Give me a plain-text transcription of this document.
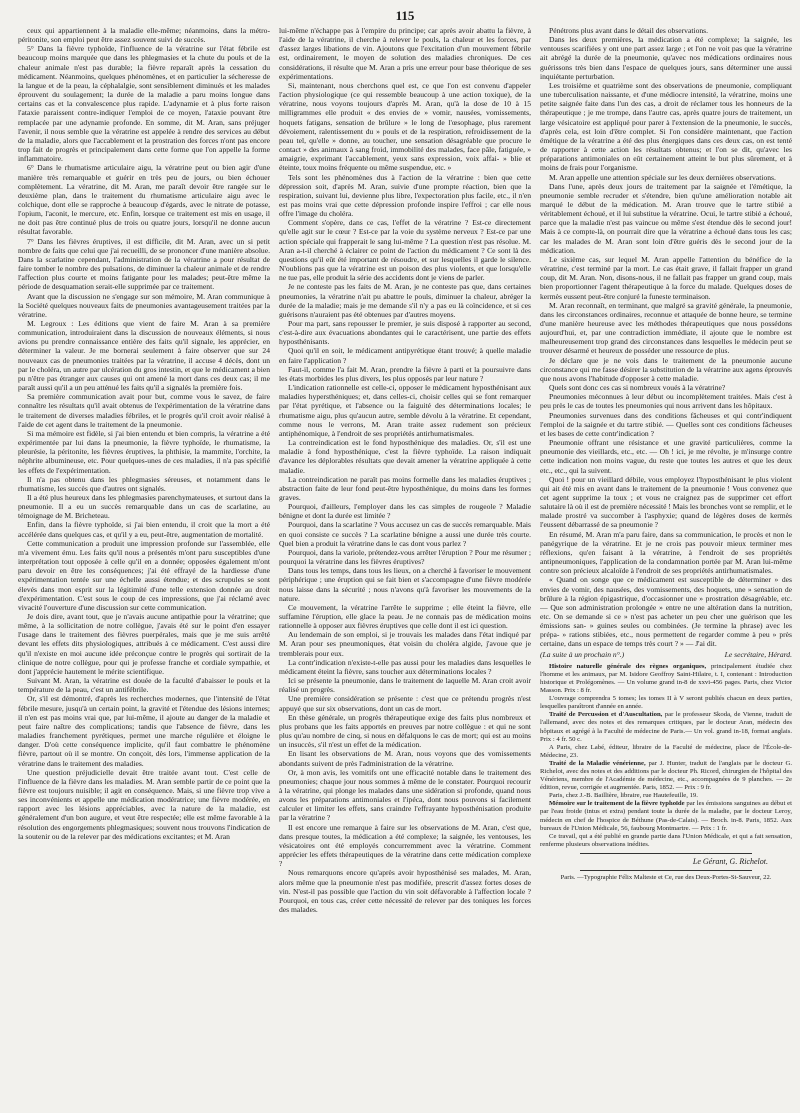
115

ceux qui appartiennent à la maladie elle-même; néanmoins, dans la métro-péritonite, son emploi peut être assez souvent suivi de succès.

5° Dans la fièvre typhoïde, l'influence de la vératrine sur l'état fébrile est beaucoup moins marquée que dans les phlegmasies et la chute du pouls et de la chaleur animale n'est pas durable; la fièvre reparaît après la cessation du médicament. Néanmoins, quelques phénomènes, et en particulier la sécheresse de la langue et de la peau, la céphalalgie, sont sensiblement diminués et les malades éprouvent du soulagement; la durée de la maladie a paru moins longue dans certains cas et la convalescence plus rapide. L'adynamie et à plus forte raison l'ataxie paraissent contre-indiquer l'emploi de ce moyen, l'ataxie pouvant être remplacée par une adynamie profonde. En somme, dit M. Aran, sans préjuger l'avenir, il nous semble que la vératrine est appelée à rendre des services au début de la maladie, alors que l'accablement et la prostration des forces n'ont pas encore trop fait de progrès et principalement dans cette forme que l'on appelle la forme inflammatoire.

6° Dans le rhumatisme articulaire aigu, la vératrine peut ou bien agir d'une manière très remarquable et guérir en très peu de jours, ou bien échouer complètement. La vératrine, dit M. Aran, me paraît devoir être rangée sur le deuxième plan, dans le traitement du rhumatisme articulaire aigu avec le colchique, dont elle se rapproche à beaucoup d'égards, avec le nitrate de potasse, l'opium, l'aconit, le mercure, etc. Enfin, lorsque ce traitement est mis en usage, il ne doit pas être continué plus de trois ou quatre jours, lorsqu'il ne donne aucun résultat favorable.

7° Dans les fièvres éruptives, il est difficile, dit M. Aran, avec un si petit nombre de faits que celui que j'ai recueilli, de se prononcer d'une manière absolue. Dans la scarlatine cependant, l'administration de la vératrine a pour résultat de faire tomber le nombre des pulsations, de diminuer la chaleur animale et de rendre l'affection plus courte et moins fatigante pour les malades; peut-être même la période de desquamation serait-elle supprimée par ce traitement.

Avant que la discussion ne s'engage sur son mémoire, M. Aran communique à la Société quelques nouveaux faits de pneumonies avantageusement traitées par la vératrine.

M. Legroux : Les éditions que vient de faire M. Aran à sa première communication, introduiraient dans la discussion de nouveaux éléments, si nous avions pu prendre connaissance entière des faits qu'il signale, les apprécier, en déterminer la valeur. Je me bornerai seulement à faire observer que sur 24 nouveaux cas de pneumonies traitées par la vératrine, il accuse 4 décès, dont un par le choléra, un autre par ulcération du gros intestin, et que le médicament a bien pu n'être pas étranger aux causes qui ont amené la mort dans ces deux cas; il me paraît aussi qu'il a un peu atténué les faits qu'il a signalés la première fois.

Sa première communication avait pour but, comme vous le savez, de faire connaître les résultats qu'il avait obtenus de l'expérimentation de la vératrine dans le traitement de diverses maladies fébriles, et le progrès qu'il croit avoir réalisé à l'aide de cet agent dans le traitement de la pneumonie.

Si ma mémoire est fidèle, si j'ai bien entendu et bien compris, la vératrine a été expérimentée par lui dans la pneumonie, la fièvre typhoïde, le rhumatisme, la pleurésie, la péritonite, les fièvres éruptives, la phthisie, la mammite, l'orchite, la néphrite albumineuse, etc. Pour quelques-unes de ces maladies, il n'a pas spécifié les effets de l'expérimentation.

Il n'a pas obtenu dans les phlegmasies séreuses, et notamment dans le rhumatisme, les succès que d'autres ont signalés.

Il a été plus heureux dans les phlegmasies parenchymateuses, et surtout dans la pneumonie. Il a eu un succès remarquable dans un cas de scarlatine, au témoignage de M. Bricheteau.

Enfin, dans la fièvre typhoïde, si j'ai bien entendu, il croit que la mort a été accélérée dans quelques cas, et qu'il y a eu, peut-être, augmentation de mortalité.

Cette communication a produit une impression profonde sur l'assemblée, elle m'a vivement ému. Les faits qu'il nous a présentés m'ont paru susceptibles d'une interprétation tout opposée à celle qu'il en a donnée; opposées également m'ont paru devoir en être les conséquences; j'ai été effrayé de la hardiesse d'une expérimentation tentée sur une échelle aussi étendue; et des scrupules se sont élevés dans mon esprit sur la légitimité d'une telle extension donnée au droit d'expérimentation. C'est sous le coup de ces impressions, que j'ai réclamé avec vivacité l'ouverture d'une discussion sur cette communication.

Je dois dire, avant tout, que je n'avais aucune antipathie pour la vératrine; que même, à la sollicitation de notre collègue, j'avais été sur le point d'en essayer l'usage dans le traitement des fièvres puerpérales, mais que je me suis arrêté devant les effets dits physiologiques, attribués à ce médicament. C'est aussi dire qu'il n'existe en moi aucune idée préconçue contre le progrès qui sortirait de la clinique de notre collègue, pour qui je professe franche et cordiale sympathie, et dont j'apprécie hautement le mérite scientifique.

Suivant M. Aran, la vératrine est douée de la faculté d'abaisser le pouls et la température de la peau, c'est un antifébrile.

Or, s'il est démontré, d'après les recherches modernes, que l'intensité de l'état fébrile mesure, jusqu'à un certain point, la gravité et l'étendue des lésions internes; il n'en est pas moins vrai que, par lui-même, il ajoute au danger de la maladie et peut faire naître des complications; tandis que l'absence de fièvre, dans les maladies franchement pyrétiques, permet une marche régulière et éloigne le danger. D'où cette conséquence implicite, qu'il faut combattre le phénomène fièvre, partout où il se montre. On conçoit, dès lors, l'immense application de la vératrine dans le traitement des maladies.

Une question préjudicielle devait être traitée avant tout. C'est celle de l'influence de la fièvre dans les maladies. M. Aran semble partir de ce point que la fièvre est toujours nuisible; il agit en conséquence. Mais, si une fièvre trop vive a ses inconvénients et appelle une médication modératrice; une fièvre modérée, en rapport avec les lésions appréciables, avec la nature de la maladie, est généralement d'un bon augure, et veut être respectée; elle est même favorable à la résolution des engorgements phlegmasiques; souvent nous trouvons l'indication de la soutenir ou de la relever par des médications excitantes; et M. Aran

lui-même n'échappe pas à l'empire du principe; car après avoir abattu la fièvre, à l'aide de la vératrine, il cherche à relever le pouls, la chaleur et les forces, par d'assez larges libations de vin. Ajoutons que l'excitation d'un mouvement fébrile est, ordinairement, le moyen de solution des maladies chroniques. De ces considérations, il résulte que M. Aran a pris une erreur pour base théorique de ses expérimentations.

Si, maintenant, nous cherchons quel est, ce que l'on est convenu d'appeler l'action physiologique (ce qui ressemble beaucoup à une action toxique), de la vératrine, nous voyons toujours d'après M. Aran, qu'à la dose de 10 à 15 milligrammes elle produit « des envies de » vomir, nausées, vomissements, hoquets fatigans, sensation de brûlure » le long de l'œsophage, plus rarement dévoiement, ralentissement du » pouls et de la respiration, refroidissement de la peau tel, qu'elle » donne, au toucher, une sensation désagréable que procure le contact » des animaux à sang froid, immobilité des malades, face pâle, fatiguée, » amaigrie, exprimant l'accablement, yeux sans expression, voix affai- » blie et éteinte, toux moins fréquente ou même suspendue, etc. »

Tels sont les phénomènes dus à l'action de la vératrine : bien que cette dépression soit, d'après M. Aran, suivie d'une prompte réaction, bien que la respiration, suivant lui, devienne plus libre, l'expectoration plus facile, etc., il n'en est pas moins vrai que cette dépression profonde inspire l'effroi ; car elle nous offre l'image du choléra.

Comment s'opère, dans ce cas, l'effet de la vératrine ? Est-ce directement qu'elle agit sur le cœur ? Est-ce par la voie du système nerveux ? Est-ce par une action spéciale qui frapperait le sang lui-même ? La question n'est pas résolue. M. Aran a-t-il cherché à éclairer ce point de l'action du médicament ? Ce sont là des questions qu'il eût été important de résoudre, et sur lesquelles il garde le silence. N'oublions pas que la vératrine est un poison des plus violents, et que lorsqu'elle ne tue pas, elle produit la série des accidents dont je viens de parler.

Je ne conteste pas les faits de M. Aran, je ne conteste pas que, dans certaines pneumonies, la vératrine n'ait pu abattre le pouls, diminuer la chaleur, abréger la durée de la maladie; mais je me demande s'il n'y a pas eu là coïncidence, et si ces guérisons n'auraient pas été obtenues par d'autres moyens.

Pour ma part, sans repousser le premier, je suis disposé à rapporter au second, c'est-à-dire aux évacuations abondantes qui le caractérisent, une partie des effets hyposthénisants.

Quoi qu'il en soit, le médicament antipyrétique étant trouvé; à quelle maladie en faire l'application ?

Faut-il, comme l'a fait M. Aran, prendre la fièvre à parti et la poursuivre dans les états morbides les plus divers, les plus opposés par leur nature ?

L'indication rationnelle est celle-ci, opposer le médicament hyposthénisant aux maladies hypersthéniques; et, dans celles-ci, choisir celles qui se font remarquer par l'état pyrétique, et l'absence ou la faiguité des déterminations locales; le rhumatisme aigu, plus qu'aucun autre, semble dévolu à la vératrine. Et cependant, comme nous le verrons, M. Aran traite assez rudement son précieux antiphénomique, à l'endroit de ses propriétés antirhumatismales.

La contreindication est le fond hyposthénique des maladies. Or, s'il est une maladie à fond hyposthénique, c'est la fièvre typhoïde. La raison indiquait d'avance les déplorables résultats que devait amener la vératrine appliquée à cette maladie.

La contreindication ne paraît pas moins formelle dans les maladies éruptives ; abstraction faite de leur fond peut-être hyposthénique, du moins dans les formes graves.

Pourquoi, d'ailleurs, l'employer dans les cas simples de rougeole ? Maladie bénigne et dont la durée est limitée ?

Pourquoi, dans la scarlatine ? Vous accusez un cas de succès remarquable. Mais en quoi consiste ce succès ? La scarlatine bénigne a aussi une durée très courte. Quel bien a produit la vératrine dans le cas dont vous parlez ?

Pourquoi, dans la variole, prétendez-vous arrêter l'éruption ? Pour me résumer ; pourquoi la vératrine dans les fièvres éruptives?

Dans tous les temps, dans tous les lieux, on a cherché à favoriser le mouvement périphérique ; une éruption qui se fait bien et s'accompagne d'une fièvre modérée nous laisse dans la sécurité ; nous n'avons qu'à favoriser les mouvements de la nature.

Ce mouvement, la vératrine l'arrête le supprime ; elle éteint la fièvre, elle suffamine l'éruption, elle glace la peau. Je ne connais pas de médication moins rationnelle à opposer aux fièvres éruptives que celle dont il est ici question.

Au lendemain de son emploi, si je trouvais les malades dans l'état indiqué par M. Aran pour ses pneumoniques, état voisin du choléra algide, j'avoue que je tremblerais pour eux.

La contr'indication n'existe-t-elle pas aussi pour les maladies dans lesquelles le médicament éteint la fièvre, sans toucher aux déterminations locales ?

Ici se présente la pneumonie, dans le traitement de laquelle M. Aran croit avoir réalisé un progrès.

Une première considération se présente : c'est que ce prétendu progrès n'est appuyé que sur six observations, dont un cas de mort.

En thèse générale, un progrès thérapeutique exige des faits plus nombreux et plus probans que les faits apportés en preuves par notre collègue : et qui ne sont plus qu'au nombre de cinq, si nous en défalquons le cas de mort; qui est au moins un insuccès, s'il n'est un effet de la médication.

En lisant les observations de M. Aran, nous voyons que des vomissements abondants suivent de près l'administration de la vératrine.

Or, à mon avis, les vomitifs ont une efficacité notable dans le traitement des pneumonies; chaque jour nous sommes à même de le constater. Pourquoi recourir à la vératrine, qui plonge les malades dans une sidération si profonde, quand nous avons les préparations antimoniales et l'ipéca, dont nous pouvons si facilement calculer et limiter les effets, sans craindre l'effrayante hyposthénisation produite par la vératrine ?

Il est encore une remarque à faire sur les observations de M. Aran, c'est que, dans presque toutes, la médication a été complexe; la saignée, les ventouses, les vésicatoires ont été employés concurremment avec la vératrine. Comment apprécier les effets thérapeutiques de la vératrine dans cette médication complexe ?

Nous remarquons encore qu'après avoir hyposthénisé ses malades, M. Aran, alors même que la pneumonie n'est pas modifiée, prescrit d'assez fortes doses de vin. N'est-il pas possible que l'action du vin soit défavorable à l'affection locale ? Pourquoi, en tous cas, créer cette nécessité de relever par des toniques les forces des malades.

Pénétrons plus avant dans le détail des observations.

Dans les deux premières, la médication a été complexe; la saignée, les ventouses scarifiées y ont une part assez large ; et l'on ne voit pas que la vératrine ait abrégé la durée de la pneumonie, qu'avec nos médications ordinaires nous guérissons très bien dans l'espace de quelques jours, sans déterminer une aussi inquiétante perturbation.

Les troisième et quatrième sont des observations de pneumonie, compliquant une tuberculisation naissante, et d'une médiocre intensité, la vératrine, moins une petite saignée faite dans l'un des cas, a droit de réclamer tous les honneurs de la thérapeutique ; je me trompe, dans l'autre cas, après quatre jours de traitement, un large vésicatoire est appliqué pour parer à l'extension de la pneumonie, le succès, d'après cela, est loin d'être complet. Si l'on considère maintenant, que l'action émétique de la vératrine a été des plus énergiques dans ces deux cas, on est tenté de rapporter à cette action les résultats obtenus; et l'on se dit, qu'avec les préparations antimoniales on eût certainement atteint le but plus sûrement, et à moins de frais pour l'organisme.

M. Aran appelle une attention spéciale sur les deux dernières observations.

Dans l'une, après deux jours de traitement par la saignée et l'émétique, la pneumonie semble recruder et s'étendre, bien qu'une amélioration notable ait marqué le début de la médication. M. Aran trouve que le tartre stibié a véritablement échoué, et il lui substitue la vératrine. Ocui, le tartre stibié a échoué, parce que la maladie n'est pas vaincue ou même s'est étendue dès le second jour! Mais à ce compte-là, on pourrait dire que la vératrine a échoué dans tous les cas; car les malades de M. Aran sont loin d'être guéris dès le second jour de la médication.

Le sixième cas, sur lequel M. Aran appelle l'attention du bénéfice de la vératrine, c'est terminé par la mort. Le cas était grave, il fallait frapper un grand coup, dit M. Aran. Non, disons-nous, il ne fallait pas frapper un grand coup, mais bien proportionner l'agent thérapeutique à la force du malade. Quelques doses de kermès eussent peut-être conjuré la funeste terminaison.

M. Aran reconnaît, en terminant, que malgré sa gravité générale, la pneumonie, dans les circonstances ordinaires, reconnue et attaquée de bonne heure, se termine d'une manière heureuse avec les méthodes thérapeutiques que nous possédons aujourd'hui, et, par une contradiction immédiate, il ajoute que le nombre est malheureusement trop grand des circonstances dans lesquelles le médecin peut se trouver désarmé et heureux de posséder une ressource de plus.

Je déclare que je ne vois dans le traitement de la pneumonie aucune circonstance qui me fasse désirer la substitution de la vératrine aux agens éprouvés que nous avons l'habitude d'opposer à cette maladie.

Quels sont donc ces cas si nombreux voués à la vératrine?

Pneumonies méconnues à leur début ou incomplètement traitées. Mais c'est à peu près le cas de toutes les pneumonies qui nous arrivent dans les hôpitaux.

Pneumonies survenues dans des conditions fâcheuses et qui contr'indiquent l'emploi de la saignée et du tartre stibié. — Quelles sont ces conditions fâcheuses et les bases de cette contr'indication ?

Pneumonie offrant une résistance et une gravité particulières, comme la pneumonie des vieillards, etc., etc. — Oh ! ici, je me révolte, je m'insurge contre cette indication non moins vague, du reste que toutes les autres et que les deux etc., etc., qui la suivent.

Quoi ! pour un vieillard débile, vous employez l'hyposthénisant le plus violent qui ait été mis en avant dans le traitement de la pneumonie ! Vous convenez que cet agent supprime la toux ; et vous ne craignez pas de supprimer cet effort salutaire là où il est de première nécessité ! Mais les bronches vont se remplir, et le malade prostré va succomber à l'asphyxie; quand de légères doses de kermès l'eussent débarrassé de sa pneumonie ?

En résumé, M. Aran m'a paru faire, dans sa communication, le procès et non le panégyrique de la vératrine. Et je ne crois pas pouvoir mieux terminer mes réflexions, qu'en faisant à la vératrine, à l'endroit de ses propriétés antipneumoniques, l'application de la condamnation portée par M. Aran lui-même contre son précieux alcaloïde à l'endroit de ses propriétés antirhumatismales.

« Quand on songe que ce médicament est susceptible de déterminer » des envies de vomir, des nausées, des vomissements, des hoquets, une » sensation de brûlure à la région épigastrique, d'occasionner une » prostration désagréable, etc. — Que son administration prolongée » entre ne une altération dans la nutrition, etc. On se demande si ce » n'est pas acheter un peu cher une guérison que les émissions san- » guines seules ou combinées. (Je termine la phrase) avec les prépa- » rations stibiées, etc., nous permettent de regarder comme à peu » près certaine, dans un espace de temps très court ? » — J'ai dit.

(La suite à un prochain n°.)	Le secrétaire, Hérard.

Histoire naturelle générale des règnes organiques, principalement étudiée chez l'homme et les animaux, par M. Isidore Geoffroy Saint-Hilaire, t. I, contenant : Introduction historique et Prolégomènes. — Un volume grand in-8 de xxvi-456 pages. Paris, chez Victor Masson. Prix : 8 fr.

L'ouvrage comprendra 5 tomes; les tomes II à V seront publiés chacun en deux parties, lesquelles paraîtront d'année en année.

Traité de Percussion et d'Auscultation, par le professeur Skoda, de Vienne, traduit de l'allemand, avec des notes et des remarques critiques, par le docteur Aran, médecin des hôpitaux et agrégé à la Faculté de médecine de Paris.— Un vol. grand in-18, format anglais. Prix : 4 fr. 50 c.

A Paris, chez Labé, éditeur, libraire de la Faculté de médecine, place de l'École-de-Médecine, 23.

Traité de la Maladie vénérienne, par J. Hunter, traduit de l'anglais par le docteur G. Richelot, avec des notes et des additions par le docteur Ph. Ricord, chirurgien de l'hôpital des Vénériens, membre de l'Académie de médecine, etc., accompagnées de 9 planches. — 2e édition, revue, corrigée et augmentée. Paris, 1852. — Prix : 9 fr.

Paris, chez J.-B. Baillière, libraire, rue Hautefeuille, 19.

Mémoire sur le traitement de la fièvre typhoïde par les émissions sanguines au début et par l'eau froide (intus et extra) pendant toute la durée de la maladie, par le docteur Leroy, médecin en chef de l'hospice de Béthune (Pas-de-Calais). — Broch. in-8. Paris, 1852. Aux bureaux de l'Union Médicale, 56, faubourg Montmartre. — Prix : 1 fr.

Ce travail, qui a été publié en grande partie dans l'Union Médicale, et qui a fait sensation, renferme plusieurs observations inédites.

Le Gérant, G. Richelot.
Paris. —Typographie Félix Malteste et Ce, rue des Deux-Portes-St-Sauveur, 22.
